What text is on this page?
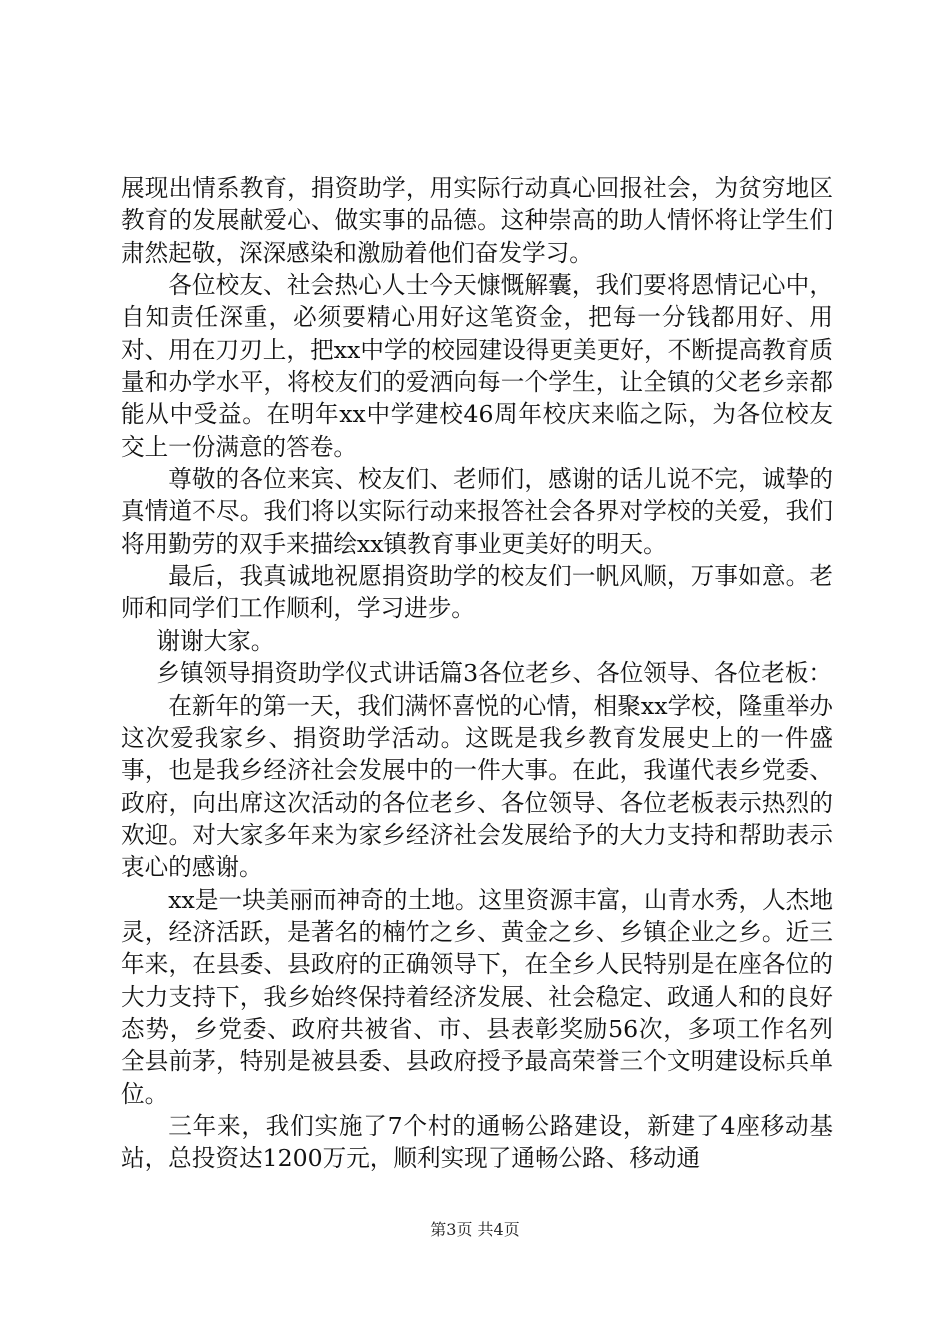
展现出情系教育，捐资助学，用实际行动真心回报社会，为贫穷地区教育的发展献爱心、做实事的品德。这种崇高的助人情怀将让学生们肃然起敬，深深感染和激励着他们奋发学习。

各位校友、社会热心人士今天慷慨解囊，我们要将恩情记心中，自知责任深重，必须要精心用好这笔资金，把每一分钱都用好、用对、用在刀刃上，把xx中学的校园建设得更美更好，不断提高教育质量和办学水平，将校友们的爱洒向每一个学生，让全镇的父老乡亲都能从中受益。在明年xx中学建校46周年校庆来临之际，为各位校友交上一份满意的答卷。

尊敬的各位来宾、校友们、老师们，感谢的话儿说不完，诚挚的真情道不尽。我们将以实际行动来报答社会各界对学校的关爱，我们将用勤劳的双手来描绘xx镇教育事业更美好的明天。

最后，我真诚地祝愿捐资助学的校友们一帆风顺，万事如意。老师和同学们工作顺利，学习进步。

谢谢大家。

乡镇领导捐资助学仪式讲话篇3各位老乡、各位领导、各位老板：

在新年的第一天，我们满怀喜悦的心情，相聚xx学校，隆重举办这次爱我家乡、捐资助学活动。这既是我乡教育发展史上的一件盛事，也是我乡经济社会发展中的一件大事。在此，我谨代表乡党委、政府，向出席这次活动的各位老乡、各位领导、各位老板表示热烈的欢迎。对大家多年来为家乡经济社会发展给予的大力支持和帮助表示衷心的感谢。

xx是一块美丽而神奇的土地。这里资源丰富，山青水秀，人杰地灵，经济活跃，是著名的楠竹之乡、黄金之乡、乡镇企业之乡。近三年来，在县委、县政府的正确领导下，在全乡人民特别是在座各位的大力支持下，我乡始终保持着经济发展、社会稳定、政通人和的良好态势，乡党委、政府共被省、市、县表彰奖励56次，多项工作名列全县前茅，特别是被县委、县政府授予最高荣誉三个文明建设标兵单位。

三年来，我们实施了7个村的通畅公路建设，新建了4座移动基站，总投资达1200万元，顺利实现了通畅公路、移动通

第3页 共4页
